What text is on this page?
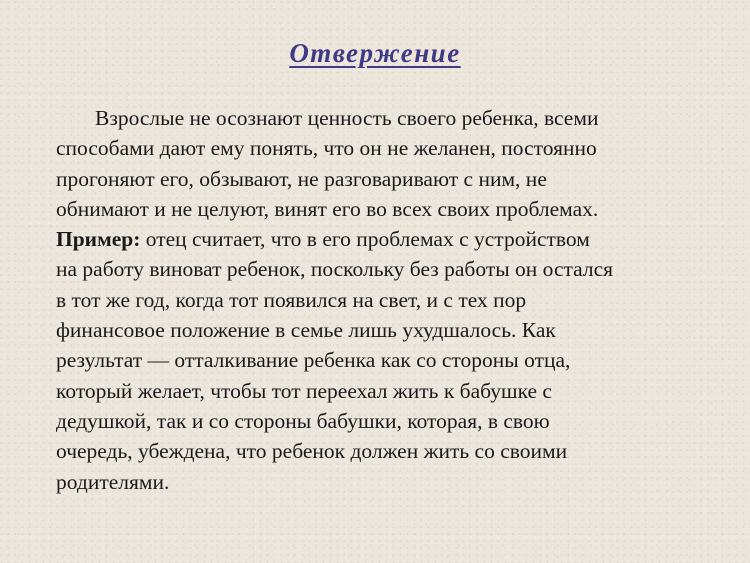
Отвержение

Взрослые не осознают ценность своего ребенка, всеми
способами дают ему понять, что он не желанен, постоянно
прогоняют его, обзывают, не разговаривают с ним, не
обнимают и не целуют, винят его во всех своих проблемах.
Пример: отец считает, что в его проблемах с устройством
на работу виноват ребенок, поскольку без работы он остался
в тот же год, когда тот появился на свет, и с тех пор
финансовое положение в семье лишь ухудшалось. Как
результат — отталкивание ребенка как со стороны отца,
который желает, чтобы тот переехал жить к бабушке с
дедушкой, так и со стороны бабушки, которая, в свою
очередь, убеждена, что ребенок должен жить со своими
родителями.
